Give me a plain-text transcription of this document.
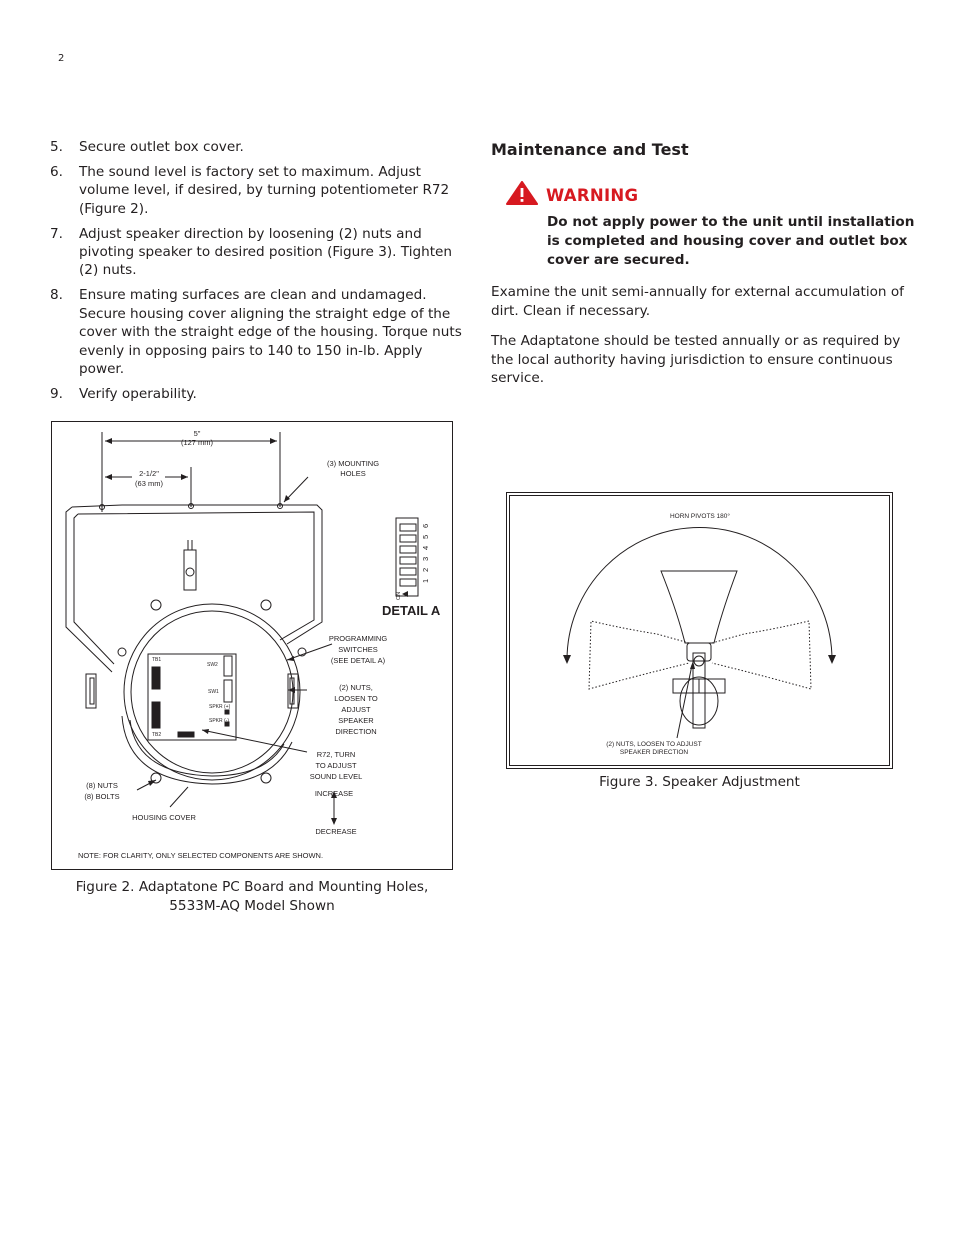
2
5. Secure outlet box cover.
6. The sound level is factory set to maximum. Adjust volume level, if desired, by turning potentiometer R72 (Figure 2).
7. Adjust speaker direction by loosening (2) nuts and pivoting speaker to desired position (Figure 3). Tighten (2) nuts.
8. Ensure mating surfaces are clean and undamaged. Secure housing cover aligning the straight edge of the cover with the straight edge of the housing. Torque nuts evenly in opposing pairs to 140 to 150 in-lb. Apply power.
9. Verify operability.
Maintenance and Test
WARNING

Do not apply power to the unit until installation is completed and housing cover and outlet box cover are secured.

Examine the unit semi-annually for external accumulation of dirt. Clean if necessary.

The Adaptatone should be tested annually or as required by the local authority having jurisdiction to ensure continuous service.

5"
(127 mm)
2-1/2"
(63 mm)
(3) MOUNTING
HOLES
PROGRAMMING
SWITCHES
(SEE DETAIL A)
(2) NUTS,
LOOSEN TO
ADJUST
SPEAKER
DIRECTION
R72, TURN
TO ADJUST
SOUND LEVEL
INCREASE
DECREASE
(8) NUTS
(8) BOLTS
HOUSING COVER
TB1
TB2
SW2
SW1
SPKR (+)
SPKR (-)
1
2
3
4
5
6
ON
DETAIL A
NOTE: FOR CLARITY, ONLY SELECTED COMPONENTS ARE SHOWN.
Figure 2. Adaptatone PC Board and Mounting Holes,
5533M-AQ Model Shown
HORN PIVOTS 180°
(2) NUTS, LOOSEN TO ADJUST
SPEAKER DIRECTION
Figure 3. Speaker Adjustment
